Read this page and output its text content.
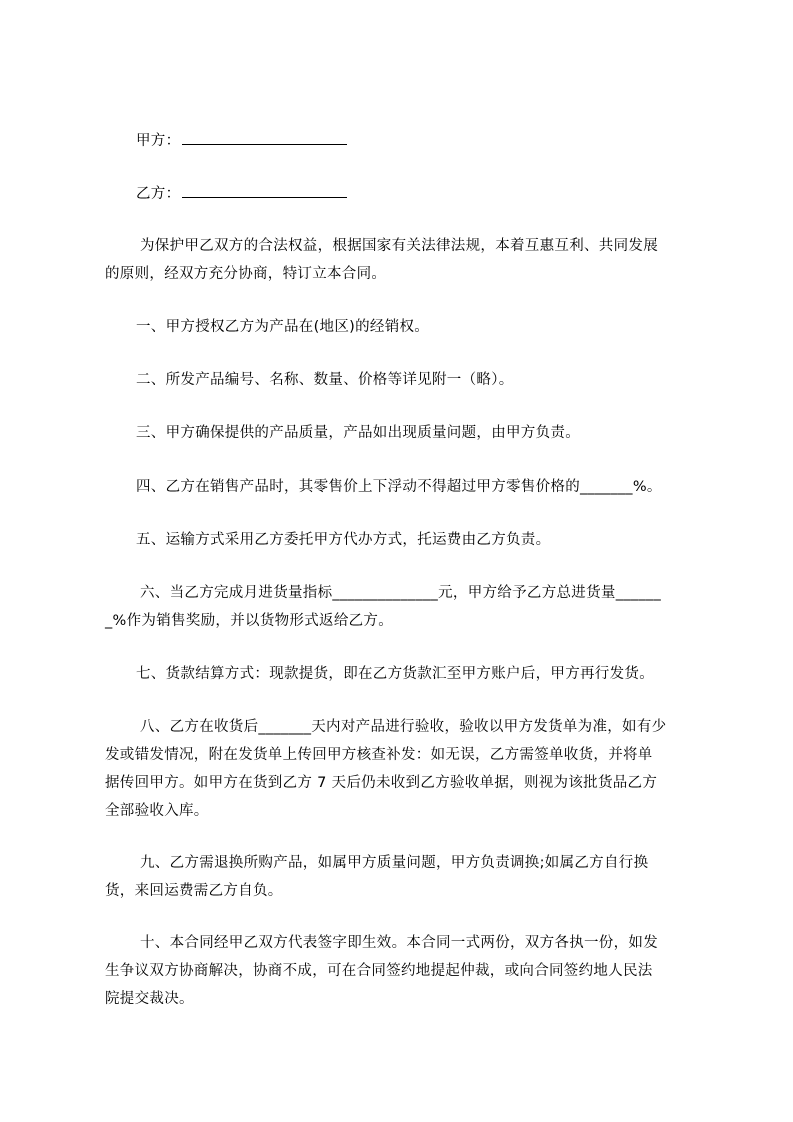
甲方：
乙方：
为保护甲乙双方的合法权益，根据国家有关法律法规，本着互惠互利、共同发展
的原则，经双方充分协商，特订立本合同。
一、甲方授权乙方为产品在(地区)的经销权。
二、所发产品编号、名称、数量、价格等详见附一（略）。
三、甲方确保提供的产品质量，产品如出现质量问题，由甲方负责。
四、乙方在销售产品时，其零售价上下浮动不得超过甲方零售价格的_______%。
五、运输方式采用乙方委托甲方代办方式，托运费由乙方负责。
六、当乙方完成月进货量指标______________元，甲方给予乙方总进货量______
_%作为销售奖励，并以货物形式返给乙方。
七、货款结算方式：现款提货，即在乙方货款汇至甲方账户后，甲方再行发货。
八、乙方在收货后_______天内对产品进行验收，验收以甲方发货单为准，如有少
发或错发情况，附在发货单上传回甲方核查补发：如无误，乙方需签单收货，并将单
据传回甲方。如甲方在货到乙方 7 天后仍未收到乙方验收单据，则视为该批货品乙方
全部验收入库。
九、乙方需退换所购产品，如属甲方质量问题，甲方负责调换;如属乙方自行换
货，来回运费需乙方自负。
十、本合同经甲乙双方代表签字即生效。本合同一式两份，双方各执一份，如发
生争议双方协商解决，协商不成，可在合同签约地提起仲裁，或向合同签约地人民法
院提交裁决。
